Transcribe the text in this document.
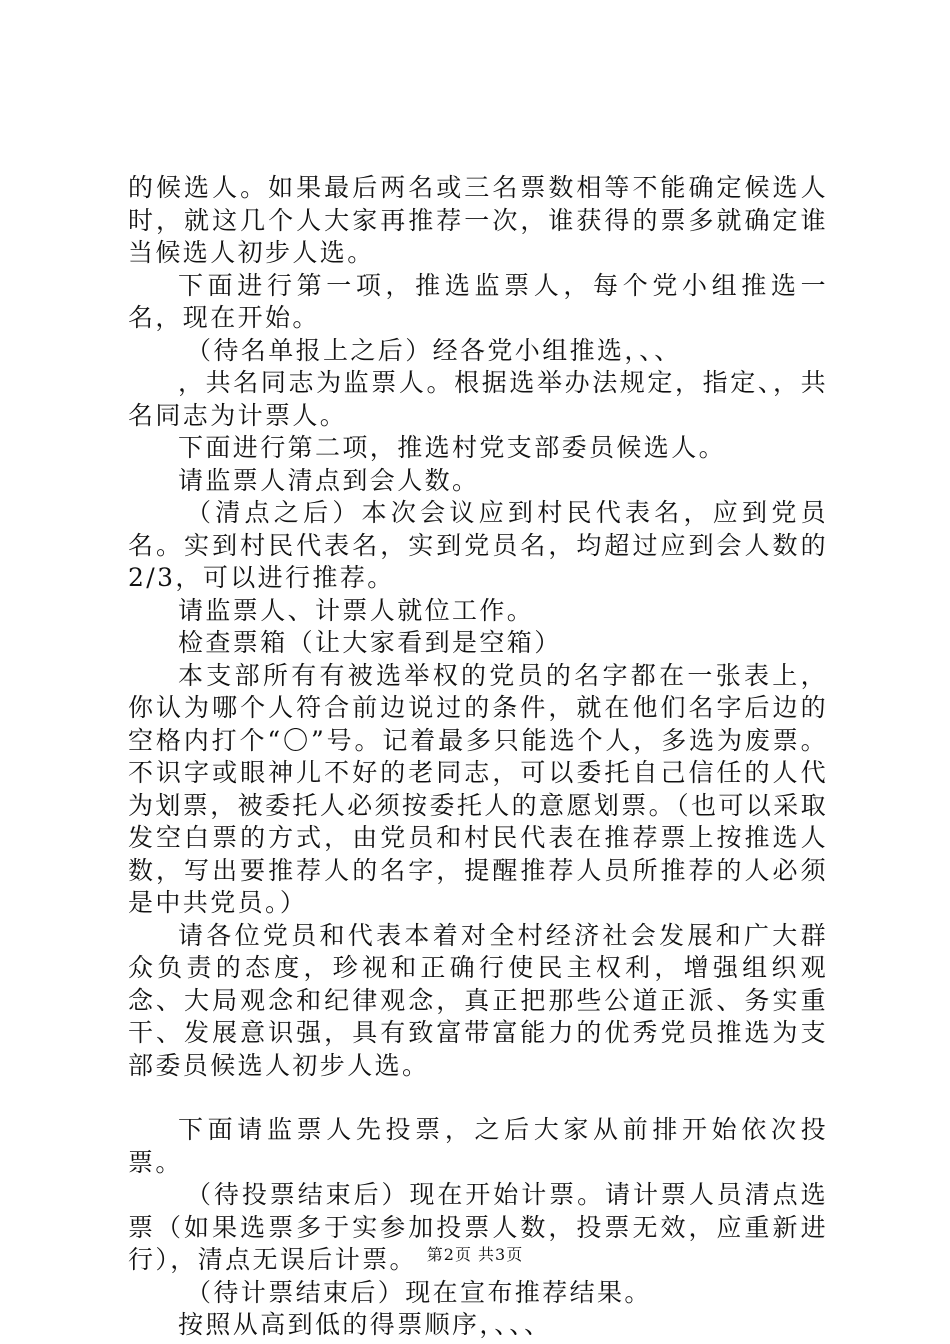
的候选人。如果最后两名或三名票数相等不能确定候选人时，就这几个人大家再推荐一次，谁获得的票多就确定谁当候选人初步人选。

下面进行第一项，推选监票人，每个党小组推选一名，现在开始。

（待名单报上之后）经各党小组推选，、、

，共名同志为监票人。根据选举办法规定，指定、，共名同志为计票人。

下面进行第二项，推选村党支部委员候选人。

请监票人清点到会人数。

（清点之后）本次会议应到村民代表名，应到党员名。实到村民代表名，实到党员名，均超过应到会人数的2/3，可以进行推荐。

请监票人、计票人就位工作。

检查票箱（让大家看到是空箱）

本支部所有有被选举权的党员的名字都在一张表上，你认为哪个人符合前边说过的条件，就在他们名字后边的空格内打个“〇”号。记着最多只能选个人，多选为废票。不识字或眼神儿不好的老同志，可以委托自己信任的人代为划票，被委托人必须按委托人的意愿划票。（也可以采取发空白票的方式，由党员和村民代表在推荐票上按推选人数，写出要推荐人的名字，提醒推荐人员所推荐的人必须是中共党员。）

请各位党员和代表本着对全村经济社会发展和广大群众负责的态度，珍视和正确行使民主权利，增强组织观念、大局观念和纪律观念，真正把那些公道正派、务实重干、发展意识强，具有致富带富能力的优秀党员推选为支部委员候选人初步人选。

下面请监票人先投票，之后大家从前排开始依次投票。

（待投票结束后）现在开始计票。请计票人员清点选票（如果选票多于实参加投票人数，投票无效，应重新进行），清点无误后计票。

（待计票结束后）现在宣布推荐结果。

按照从高到低的得票顺序，、、、

第2页 共3页
